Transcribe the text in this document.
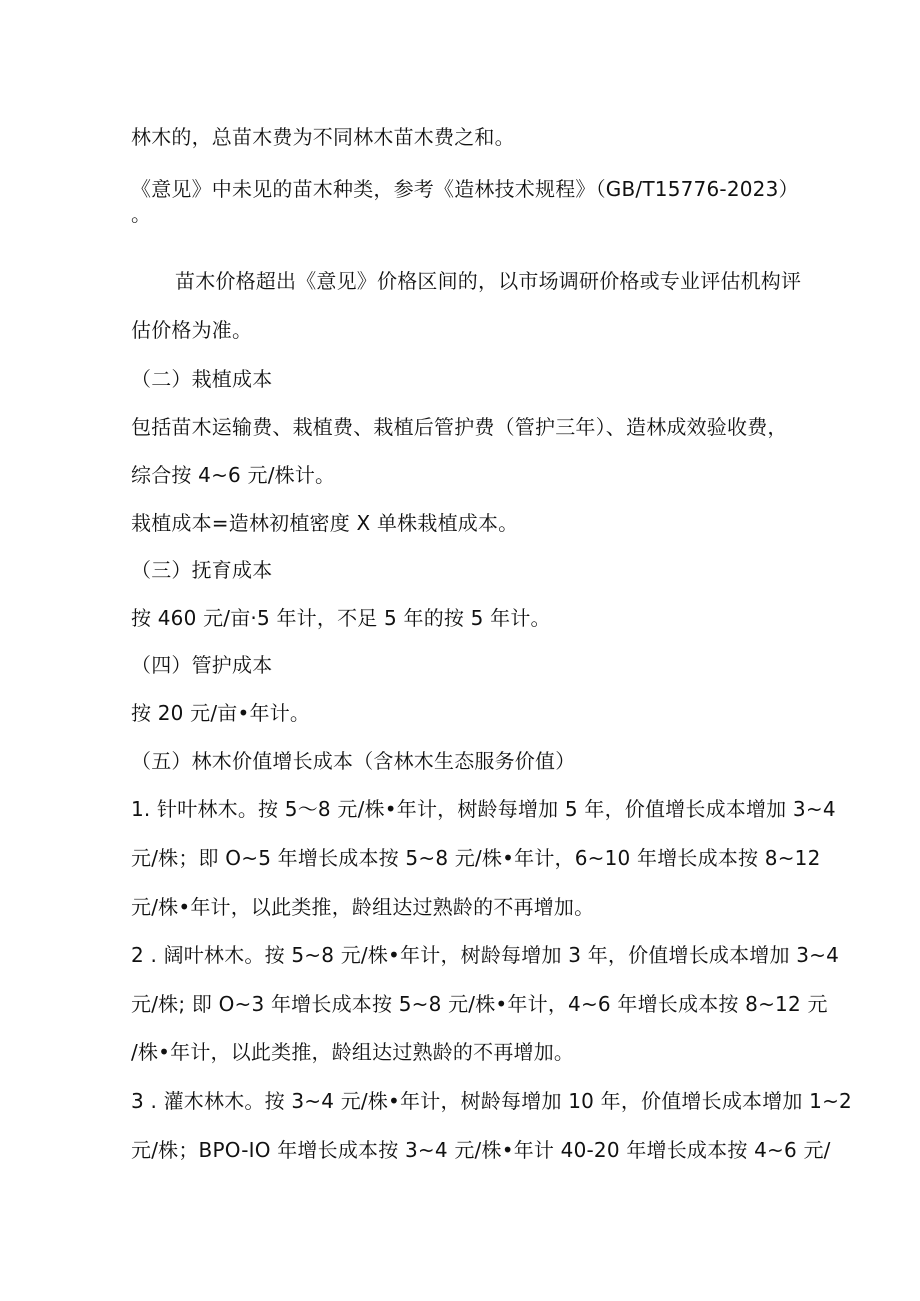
林木的，总苗木费为不同林木苗木费之和。
《意见》中未见的苗木种类，参考《造林技术规程》（GB/T15776-2023）
。
苗木价格超出《意见》价格区间的，以市场调研价格或专业评估机构评
估价格为准。
（二）栽植成本
包括苗木运输费、栽植费、栽植后管护费（管护三年）、造林成效验收费，
综合按 4~6 元/株计。
栽植成本=造林初植密度 X 单株栽植成本。
（三）抚育成本
按 460 元/亩·5 年计，不足 5 年的按 5 年计。
（四）管护成本
按 20 元/亩•年计。
（五）林木价值增长成本（含林木生态服务价值）
1. 针叶林木。按 5～8 元/株•年计，树龄每增加 5 年，价值增长成本增加 3~4
元/株；即 O~5 年增长成本按 5~8 元/株•年计，6~10 年增长成本按 8~12
元/株•年计，以此类推，龄组达过熟龄的不再增加。
2 . 阔叶林木。按 5~8 元/株•年计，树龄每增加 3 年，价值增长成本增加 3~4
元/株; 即 O~3 年增长成本按 5~8 元/株•年计，4~6 年增长成本按 8~12 元
/株•年计，以此类推，龄组达过熟龄的不再增加。
3 . 灌木林木。按 3~4 元/株•年计，树龄每增加 10 年，价值增长成本增加 1~2
元/株；BPO-IO 年增长成本按 3~4 元/株•年计 40-20 年增长成本按 4~6 元/
